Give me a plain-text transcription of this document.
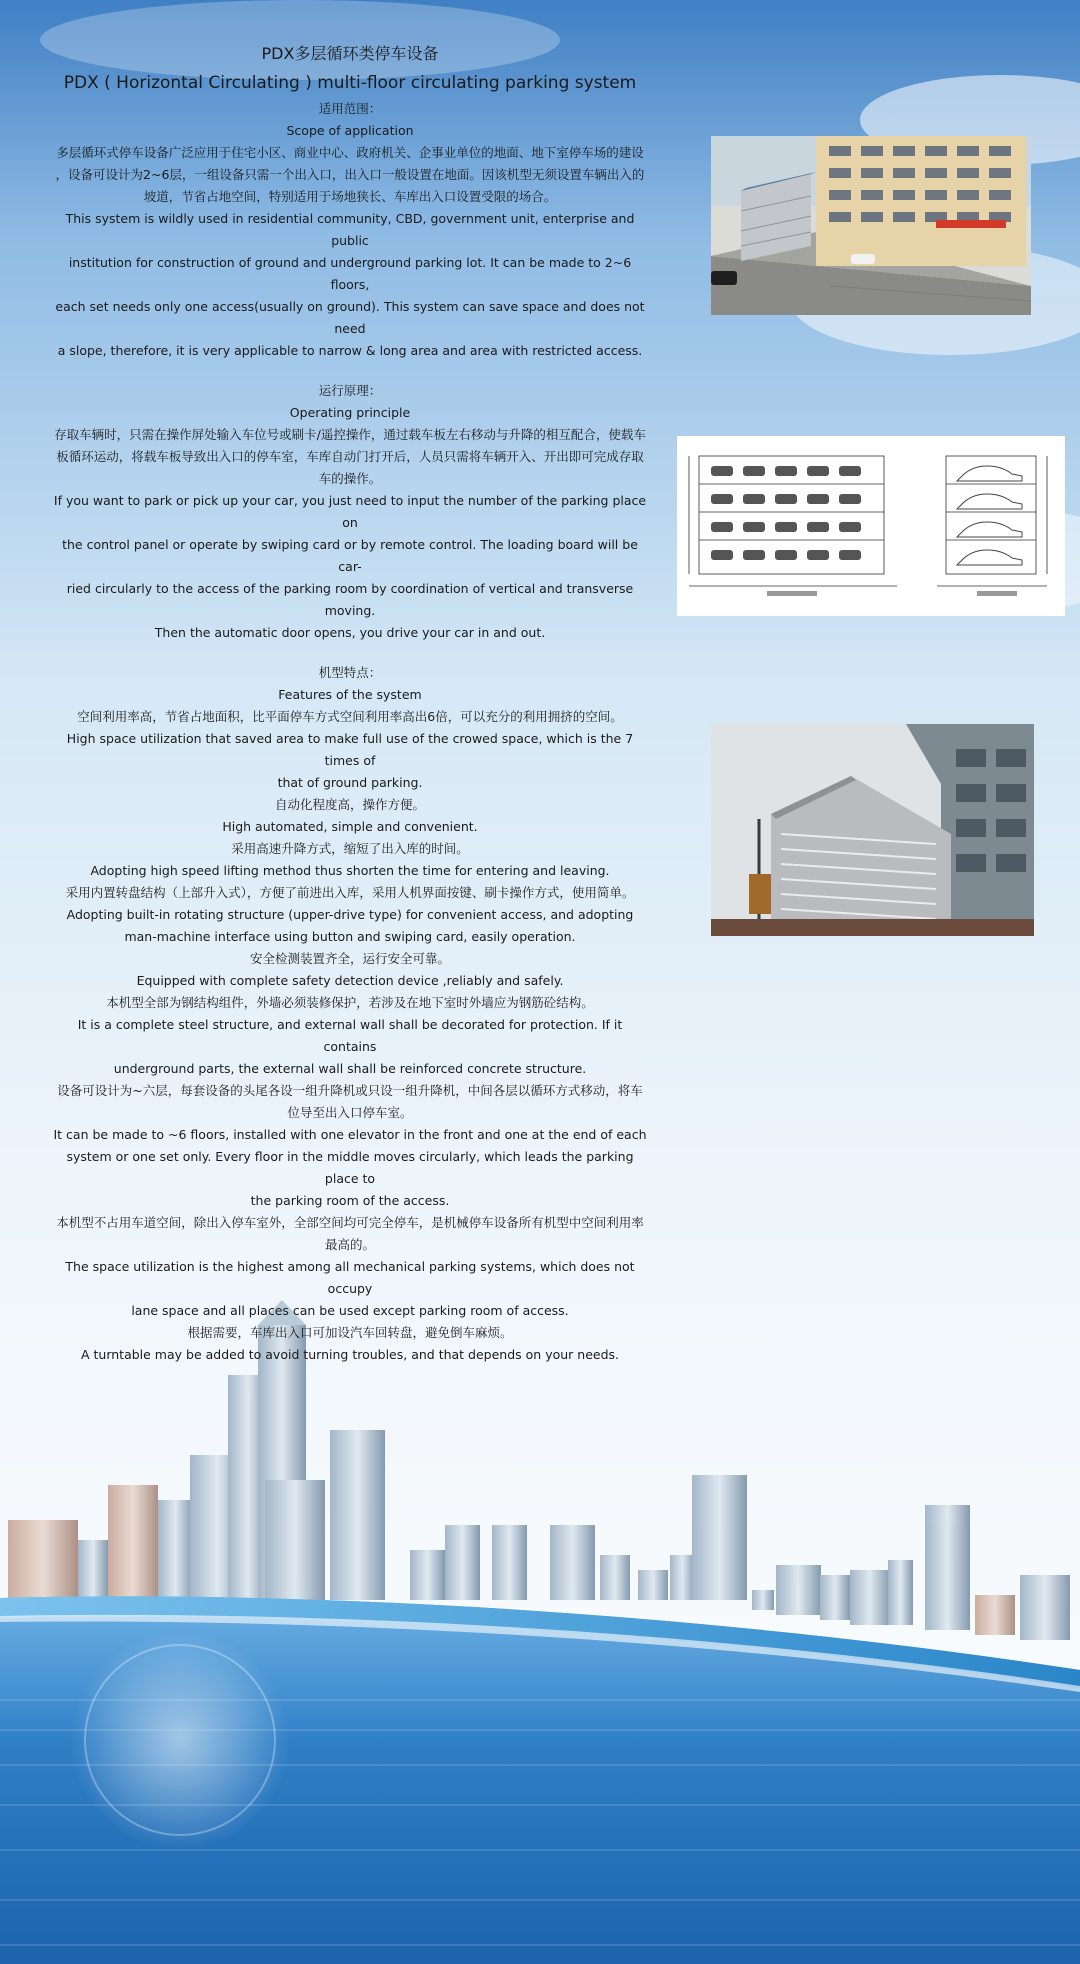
PDX多层循环类停车设备
PDX ( Horizontal Circulating ) multi-floor circulating parking system

适用范围：

Scope of application

多层循环式停车设备广泛应用于住宅小区、商业中心、政府机关、企事业单位的地面、地下室停车场的建设

，设备可设计为2~6层，一组设备只需一个出入口，出入口一般设置在地面。因该机型无须设置车辆出入的

坡道，节省占地空间，特别适用于场地狭长、车库出入口设置受限的场合。

This system is wildly used in residential community, CBD, government unit, enterprise and public

institution for construction of ground and underground parking lot. It can be made to 2~6 floors,

each set needs only one access(usually on ground). This system can save space and does not need

a slope, therefore, it is very applicable to narrow & long area and area with restricted access.

运行原理：

Operating principle

存取车辆时，只需在操作屏处输入车位号或刷卡/遥控操作，通过载车板左右移动与升降的相互配合，使载车

板循环运动，将载车板导致出入口的停车室，车库自动门打开后，人员只需将车辆开入、开出即可完成存取

车的操作。

If you want to park or pick up your car, you just need to input the number of the parking place on

the control panel or operate by swiping card or by remote control. The loading board will be car-

ried circularly to the access of the parking room by coordination of vertical and transverse moving.

Then the automatic door opens, you drive your car in and out.

机型特点：

Features of the system

空间利用率高，节省占地面积，比平面停车方式空间利用率高出6倍，可以充分的利用拥挤的空间。

High space utilization that saved area to make full use of the crowed space, which is the 7 times of

that of ground parking.

自动化程度高，操作方便。

High automated, simple and convenient.

采用高速升降方式，缩短了出入库的时间。

Adopting high speed lifting method thus shorten the time for entering and leaving.

采用内置转盘结构（上部升入式），方便了前进出入库，采用人机界面按键、刷卡操作方式，使用简单。

Adopting built-in rotating structure (upper-drive type) for convenient access, and adopting

man-machine interface using button and swiping card, easily operation.

安全检测装置齐全，运行安全可靠。

Equipped with complete safety detection device ,reliably and safely.

本机型全部为钢结构组件，外墙必须装修保护，若涉及在地下室时外墙应为钢筋砼结构。

It is a complete steel structure, and external wall shall be decorated for protection. If it contains

underground parts, the external wall shall be reinforced concrete structure.

设备可设计为~六层，每套设备的头尾各设一组升降机或只设一组升降机，中间各层以循环方式移动，将车

位导至出入口停车室。

It can be made to ~6 floors, installed with one elevator in the front and one at the end of each

system or one set only. Every floor in the middle moves circularly, which leads the parking place to

the parking room of the access.

本机型不占用车道空间，除出入停车室外，全部空间均可完全停车，是机械停车设备所有机型中空间利用率

最高的。

The space utilization is the highest among all mechanical parking systems, which does not occupy

lane space and all places can be used except parking room of access.

根据需要，车库出入口可加设汽车回转盘，避免倒车麻烦。

A turntable may be added to avoid turning troubles, and that depends on your needs.
